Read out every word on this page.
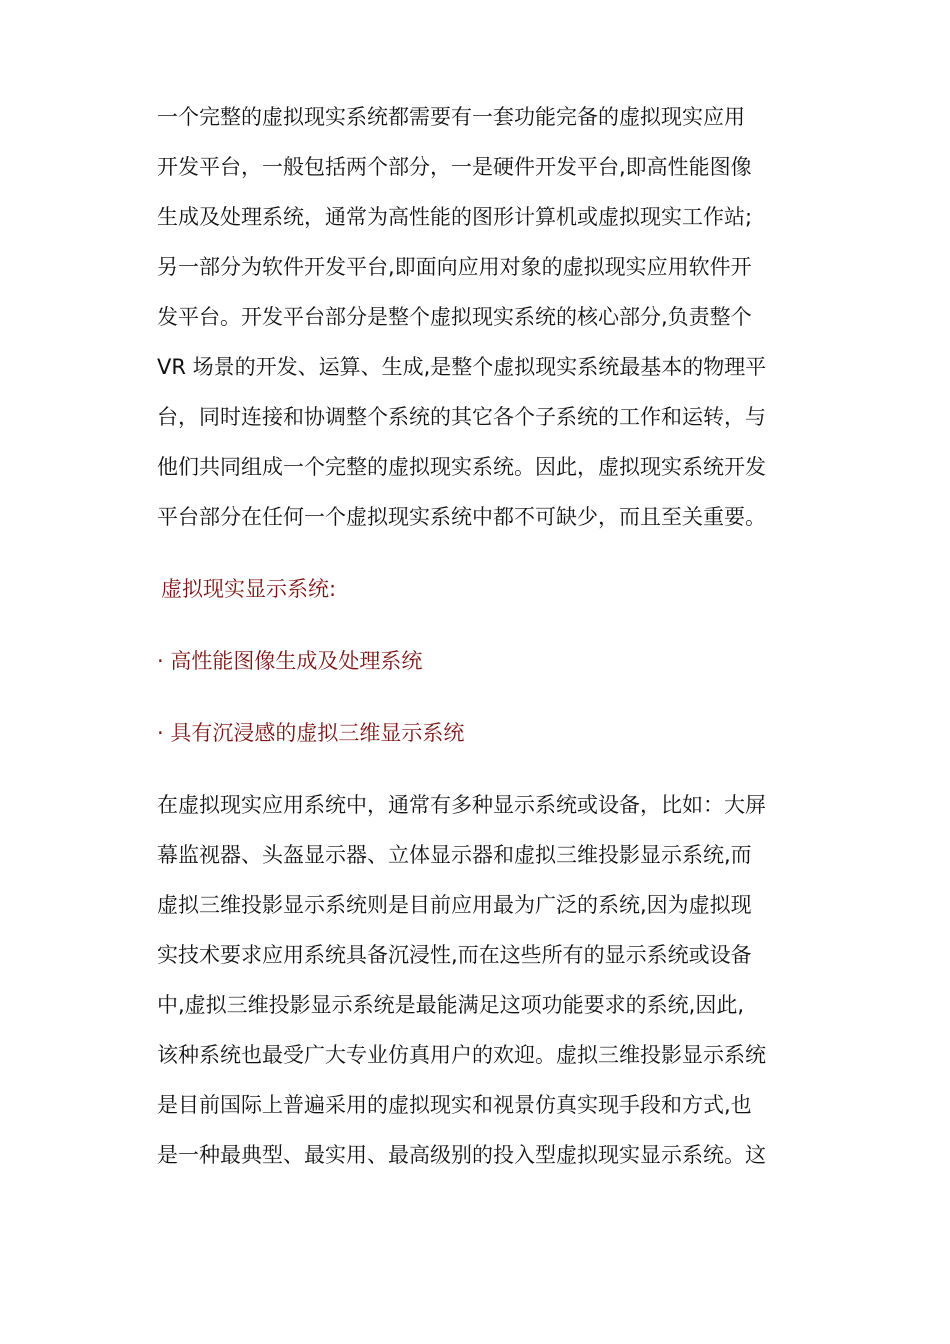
一个完整的虚拟现实系统都需要有一套功能完备的虚拟现实应用
开发平台，一般包括两个部分，一是硬件开发平台,即高性能图像
生成及处理系统，通常为高性能的图形计算机或虚拟现实工作站;
另一部分为软件开发平台,即面向应用对象的虚拟现实应用软件开
发平台。开发平台部分是整个虚拟现实系统的核心部分,负责整个
VR 场景的开发、运算、生成,是整个虚拟现实系统最基本的物理平
台，同时连接和协调整个系统的其它各个子系统的工作和运转，与
他们共同组成一个完整的虚拟现实系统。因此，虚拟现实系统开发
平台部分在任何一个虚拟现实系统中都不可缺少，而且至关重要。

虚拟现实显示系统:

· 高性能图像生成及处理系统

· 具有沉浸感的虚拟三维显示系统

在虚拟现实应用系统中，通常有多种显示系统或设备，比如：大屏
幕监视器、头盔显示器、立体显示器和虚拟三维投影显示系统,而
虚拟三维投影显示系统则是目前应用最为广泛的系统,因为虚拟现
实技术要求应用系统具备沉浸性,而在这些所有的显示系统或设备
中,虚拟三维投影显示系统是最能满足这项功能要求的系统,因此,
该种系统也最受广大专业仿真用户的欢迎。虚拟三维投影显示系统
是目前国际上普遍采用的虚拟现实和视景仿真实现手段和方式,也
是一种最典型、最实用、最高级别的投入型虚拟现实显示系统。这
